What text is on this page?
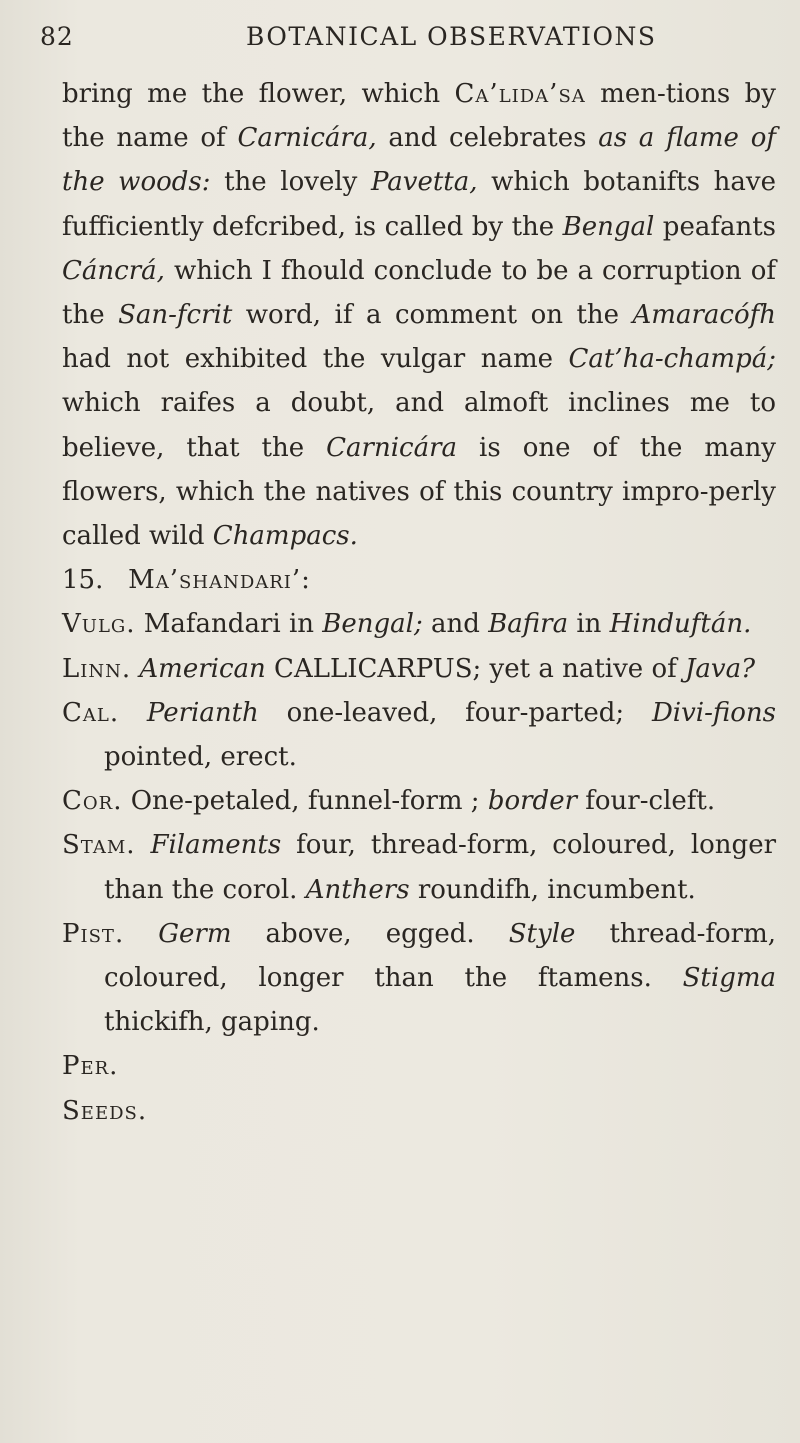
82	BOTANICAL OBSERVATIONS

bring me the flower, which Ca’lida’sa men-tions by the name of Carnicára, and celebrates as a flame of the woods: the lovely Pavetta, which botanifts have fufficiently defcribed, is called by the Bengal peafants Cáncrá, which I fhould conclude to be a corruption of the San-fcrit word, if a comment on the Amaracófh had not exhibited the vulgar name Cat’ha-champá; which raifes a doubt, and almoft inclines me to believe, that the Carnicára is one of the many flowers, which the natives of this country impro-perly called wild Champacs.

15. Ma’shandari’:

Vulg. Mafandari in Bengal; and Bafira in Hinduftán.

Linn. American CALLICARPUS; yet a native of Java?

Cal. Perianth one-leaved, four-parted; Divi-fions pointed, erect.

Cor. One-petaled, funnel-form ; border four-cleft.

Stam. Filaments four, thread-form, coloured, longer than the corol. Anthers roundifh, incumbent.

Pist. Germ above, egged. Style thread-form, coloured, longer than the ftamens. Stigma thickifh, gaping.

Per.

Seeds.
